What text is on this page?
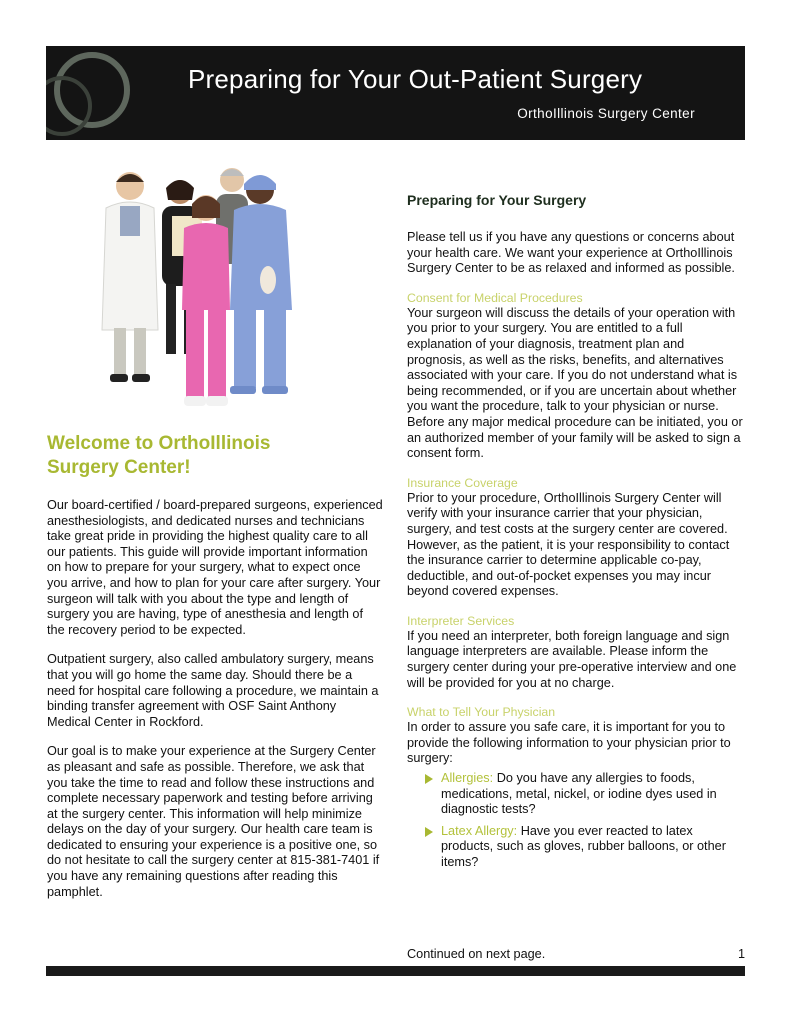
Preparing for Your Out-Patient Surgery
OrthoIllinois Surgery Center
Welcome to OrthoIllinois Surgery Center!

Our board-certified / board-prepared surgeons, experienced anesthesiologists, and dedicated nurses and technicians take great pride in providing the highest quality care to all our patients. This guide will provide important information on how to prepare for your surgery, what to expect once you arrive, and how to plan for your care after surgery. Your surgeon will talk with you about the type and length of surgery you are having, type of anesthesia and length of the recovery period to be expected.

Outpatient surgery, also called ambulatory surgery, means that you will go home the same day. Should there be a need for hospital care following a procedure, we maintain a binding transfer agreement with OSF Saint Anthony Medical Center in Rockford.

Our goal is to make your experience at the Surgery Center as pleasant and safe as possible. Therefore, we ask that you take the time to read and follow these instructions and complete necessary paperwork and testing before arriving at the surgery center. This information will help minimize delays on the day of your surgery. Our health care team is dedicated to ensuring your experience is a positive one, so do not hesitate to call the surgery center at 815-381-7401 if you have any remaining questions after reading this pamphlet.

Preparing for Your Surgery

Please tell us if you have any questions or concerns about your health care. We want your experience at OrthoIllinois Surgery Center to be as relaxed and informed as possible.

Consent for Medical Procedures

Your surgeon will discuss the details of your operation with you prior to your surgery. You are entitled to a full explanation of your diagnosis, treatment plan and prognosis, as well as the risks, benefits, and alternatives associated with your care. If you do not understand what is being recommended, or if you are uncertain about whether you want the procedure, talk to your physician or nurse. Before any major medical procedure can be initiated, you or an authorized member of your family will be asked to sign a consent form.

Insurance Coverage

Prior to your procedure, OrthoIllinois Surgery Center will verify with your insurance carrier that your physician, surgery, and test costs at the surgery center are covered. However, as the patient, it is your responsibility to contact the insurance carrier to determine applicable co-pay, deductible, and out-of-pocket expenses you may incur beyond covered expenses.

Interpreter Services

If you need an interpreter, both foreign language and sign language interpreters are available. Please inform the surgery center during your pre-operative interview and one will be provided for you at no charge.

What to Tell Your Physician

In order to assure you safe care, it is important for you to provide the following information to your physician prior to surgery:

Allergies: Do you have any allergies to foods, medications, metal, nickel, or iodine dyes used in diagnostic tests?
Latex Allergy: Have you ever reacted to latex products, such as gloves, rubber balloons, or other items?
Continued on next page.	1
